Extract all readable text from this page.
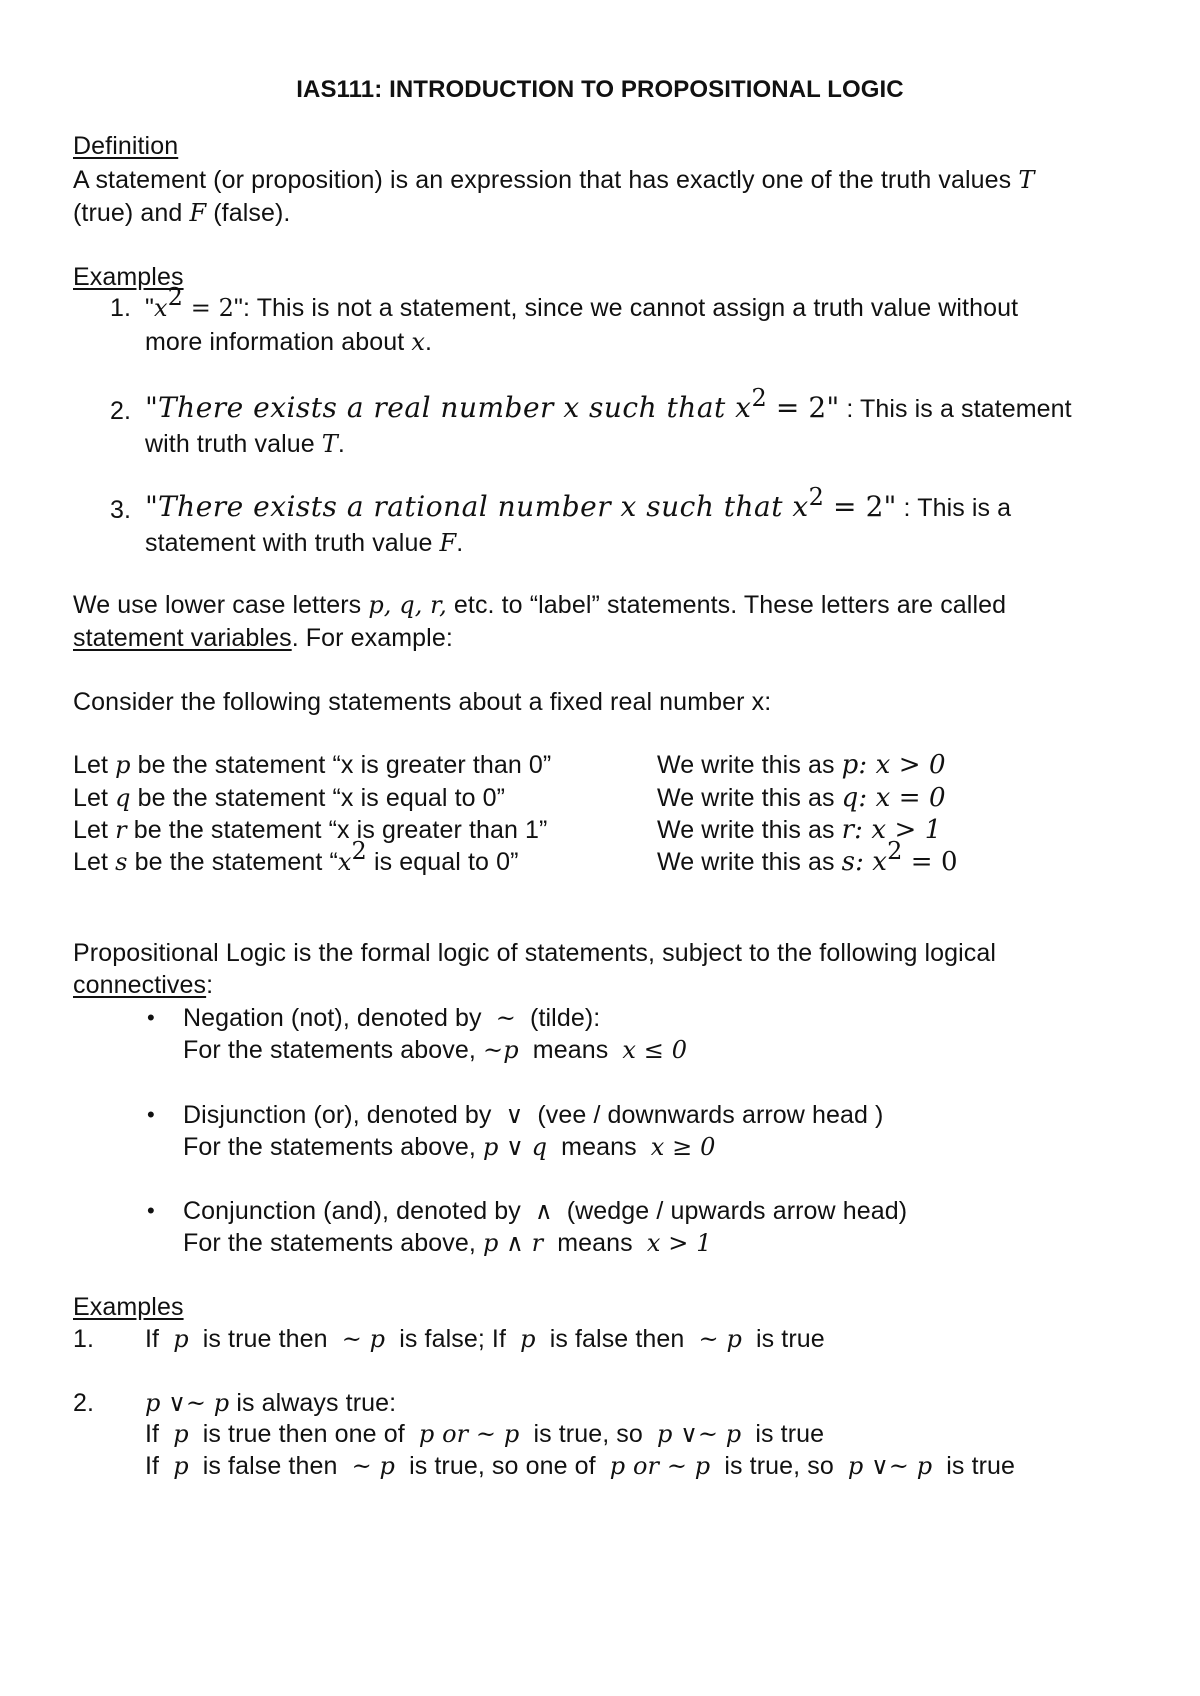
IAS111: INTRODUCTION TO PROPOSITIONAL LOGIC
Definition
A statement (or proposition) is an expression that has exactly one of the truth values T
(true) and F (false).
Examples
1. "$x^2 = 2$": This is not a statement, since we cannot assign a truth value without
more information about x.
2. "There exists a real number x such that $x^2 = 2$" : This is a statement
with truth value T.
3. "There exists a rational number x such that $x^2 = 2$" : This is a
statement with truth value F.
We use lower case letters p, q, r, etc. to “label” statements. These letters are called
statement variables. For example:
Consider the following statements about a fixed real number x:
Let p be the statement “x is greater than 0”	We write this as p: x > 0
Let q be the statement “x is equal to 0”	We write this as q: x = 0
Let r be the statement “x is greater than 1”	We write this as r: x > 1
Let s be the statement “$x^2$ is equal to 0”	We write this as s: $x^2 = 0$
Propositional Logic is the formal logic of statements, subject to the following logical
connectives:
• Negation (not), denoted by ~ (tilde):
For the statements above, ~p means x ≤ 0
• Disjunction (or), denoted by ∨ (vee / downwards arrow head )
For the statements above, p ∨ q means x ≥ 0
• Conjunction (and), denoted by ∧ (wedge / upwards arrow head)
For the statements above, p ∧ r means x > 1
Examples
1. If p is true then ~ p is false; If p is false then ~ p is true
2. p ∨~ p is always true:
If p is true then one of p or ~ p is true, so p ∨~ p is true
If p is false then ~ p is true, so one of p or ~ p is true, so p ∨~ p is true
